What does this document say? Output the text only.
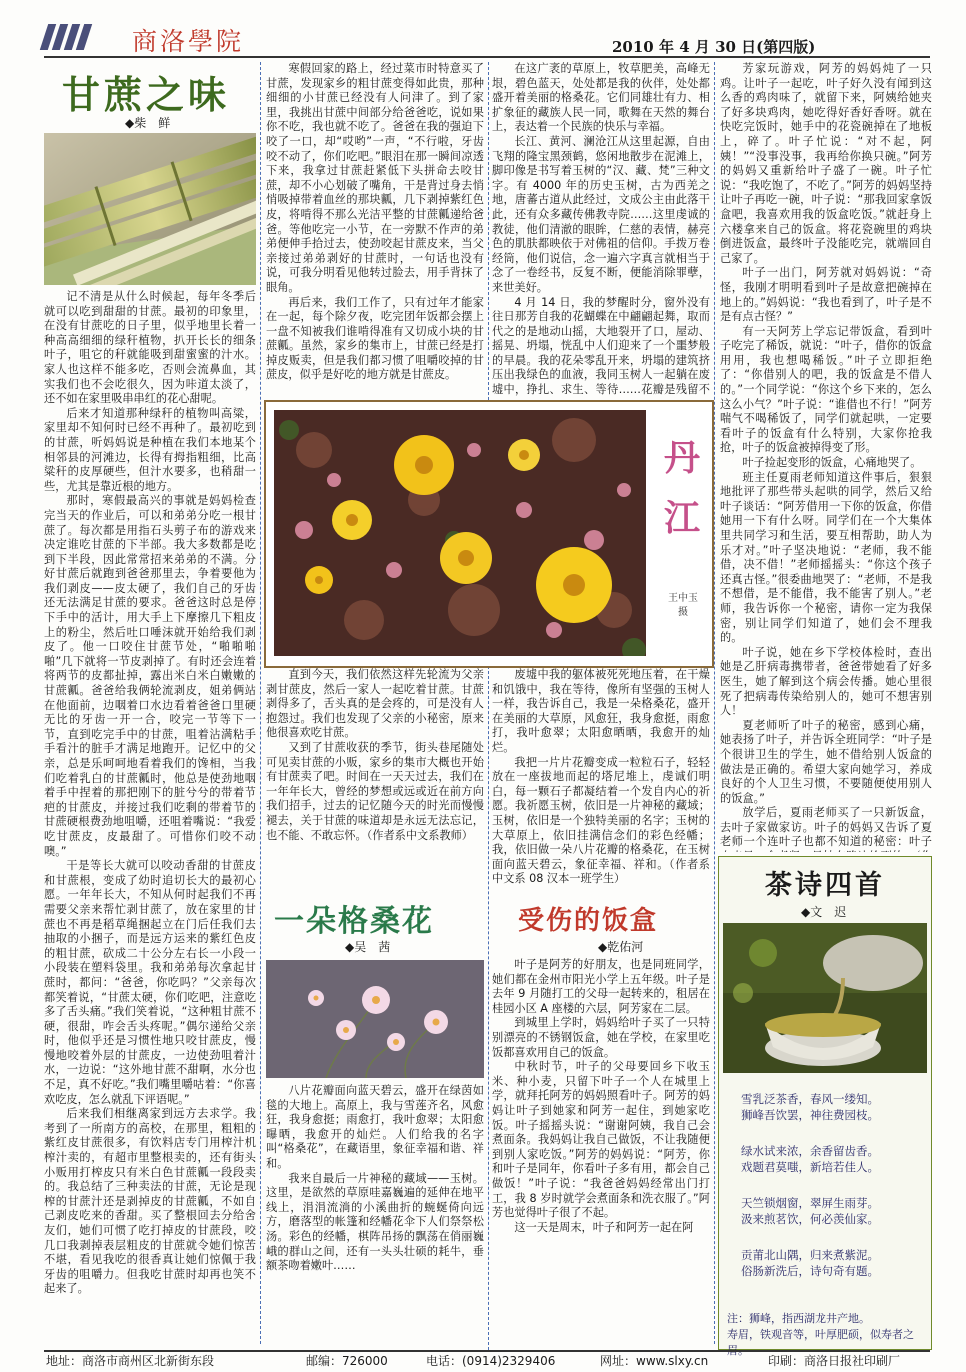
商洛學院	2010 年 4 月 30 日(第四版)
甘蔗之味
◆柴　鲜

记不清是从什么时候起，每年冬季后就可以吃到甜甜的甘蔗。最初的印象里，在没有甘蔗吃的日子里，似乎地里长着一种高高细细的绿秆植物，扒开长长的细条叶子，咀它的秆就能吸到甜蜜蜜的汁水。家人也这样不能多吃，否则会流鼻血，其实我们也不会吃很久，因为咔道太淡了，还不如在家里吸串串红的花心甜呢。

后来才知道那种绿秆的植物叫高粱，家里却不知何时已经不再种了。最初吃到的甘蔗，听妈妈说是种植在我们本地某个相邻县的河滩边，长得有拇指粗细，比高粱秆的皮厚硬些，但汁水要多，也稍甜一些，尤其是靠近根的地方。

那时，寒假最高兴的事就是妈妈检查完当天的作业后，可以和弟弟分吃一根甘蔗了。每次都是用指石头剪子布的游戏来决定谁吃甘蔗的下半部。我大多数都是吃到下半段，因此常常招来弟弟的不满。分好甘蔗后就跑到爸爸那里去，争着要他为我们剥皮——皮太硬了，我们自己的牙齿还无法满足甘蔗的要求。爸爸这时总是停下手中的活计，用大手上下摩擦几下粗皮上的粉尘，然后吐口唾沫就开始给我们剥皮了。他一口咬住甘蔗节处，“啪啪啪啪”几下就将一节皮剥掉了。有时还会连着将两节的皮都扯掉，露出米白米白嫩嫩的甘蔗瓤。爸爸给我俩轮流剥皮，姐弟俩站在他面前，边咽着口水边看着爸爸口里硬无比的牙齿一开一合，咬完一节等下一节，直到吃完手中的甘蔗，咀着沾满粘手手看汁的脏手才满足地跑开。记忆中的父亲，总是乐呵呵地看着我们的馋相，当我们吃着乳白的甘蔗瓤时，他总是使劲地咽着手中捏着的那把刚下的脏兮兮的带着节疤的甘蔗皮，并接过我们吃剩的带着节的甘蔗硬根费劲地咀嚼，还咀着嘴说：“我爱吃甘蔗皮，皮最甜了。可惜你们咬不动噢。”

干是等长大就可以咬动香甜的甘蔗皮和甘蔗根，变成了幼时追切长大的最初心愿。一年年长大，不知从何时起我们不再需要父亲来帮忙剥甘蔗了，放在家里的甘蔗也不再是稻草绳捆起立在门后任我们去抽取的小捆子，而是远方运来的紫红色皮的粗甘蔗，砍成二十公分左右长一小段一小段装在塑料袋里。我和弟弟每次拿起甘蔗时，都问：“爸爸，你吃吗？”父亲每次都笑着说，“甘蔗太硬，你们吃吧，注意吃多了舌头痛。”我们笑着说，“这种粗甘蔗不硬，很甜，咋会舌头疼呢。”偶尔递给父亲时，他似乎还是习惯性地只咬甘蔗皮，慢慢地咬着外层的甘蔗皮，一边使劲咀着汁水，一边说：“这外地甘蔗不甜啊，水分也不足，真不好吃。”我们嘴里嚼咕着：“你喜欢吃皮，怎么就乱下评语呢。”

后来我们相继离家到远方去求学。我考到了一所南方的高校，在那里，粗粗的紫红皮甘蔗很多，有饮料店专门用榨汁机榨汁卖的，有超市里整根卖的，还有街头小贩用打榨皮只有米白色甘蔗瓤一段段卖的。我总结了三种卖法的甘蔗，无论是现榨的甘蔗汁还是剥掉皮的甘蔗瓤，不如自己剥皮吃来的香甜。买了整根回去分给舍友们，她们可惯了吃打掉皮的甘蔗段，咬几口我剥掉表层粗皮的甘蔗就令她们惊苦不堪，看见我吃的很香真让她们惊佩于我牙齿的咀嚼力。但我吃甘蔗时却再也笑不起来了。

寒假回家的路上，经过菜市时特意买了甘蔗，发现家乡的粗甘蔗变得如此贵，那种细细的小甘蔗已经没有人问津了。到了家里，我挑出甘蔗中间部分给爸爸吃，说如果你不吃，我也就不吃了。爸爸在我的强迫下咬了一口，却“哎哟”一声，“不行啦，牙齿咬不动了，你们吃吧。”眼泪在那一瞬间凉透下来，我拿过甘蔗赶紧低下头拼命去咬甘蔗，却不小心划破了嘴角，干是背过身去悄悄吸掉带着血丝的那块瓤，几下剥掉紫红色皮，将啃得不那么光洁平整的甘蔗瓤递给爸爸。等他吃完一小节，在一旁默不作声的弟弟便伸手拾过去，使劲咬起甘蔗皮来，当父亲接过弟弟剥好的甘蔗时，一句话也没有说，可我分明看见他转过脸去，用手背抹了眼角。

再后来，我们工作了，只有过年才能家在一起，每个除夕夜，吃完团年饭都会摆上一盘不知被我们谁啃得准有又切成小块的甘蔗瓤。虽然，家乡的集市上，甘蔗已经是打掉皮贩卖，但是我们都习惯了咀嚼咬掉的甘蔗皮，似乎是好吃的地方就是甘蔗皮。

直到今天，我们依然这样先轮流为父亲剥甘蔗皮，然后一家人一起吃着甘蔗。甘蔗剥得多了，舌头真的是会疼的，可是没有人抱怨过。我们也发现了父亲的小秘密，原来他很喜欢吃甘蔗。

又到了甘蔗收获的季节，街头巷尾随处可见卖甘蔗的小贩，家乡的集市大概也开始有甘蔗卖了吧。时间在一天天过去，我们在一年年长大，曾经的梦想或远或近在前方向我们招手，过去的记忆随今天的时光而慢慢褪去，关于甘蔗的味道却是永远无法忘记，也不能、不敢忘怀。（作者系中文系教师）

丹江
王中玉 摄
一朵格桑花
◆吴　茜

八片花瓣面向蓝天碧云，盛开在绿茵如毯的大地上。高原上，我与雪莲齐名，风愈狂，我身愈挺；雨愈打，我叶愈翠；太阳愈曝晒，我愈开的灿烂。人们给我的名字叫“格桑花”，在藏语里，象征幸福和谐、祥和。

我来自最后一片神秘的藏域——玉树。这里，是欲然的草原哇嘉巍遍的延伸在地平线上，涓涓流淌的小溪曲折的蜿蜒倚向远方，磨落型的帐篷和经幡花伞下人们祭祭松汤。彩色的经幡，棋阵吊扬的飘荡在俏丽巍峨的群山之间，还有一头头壮硕的耗牛，垂额茶吻着嫩叶……

在这广袤的草原上，牧草肥美，高峰无垠，碧色蓝天，处处都是我的伙伴，处处都盛开着美丽的格桑花。它们同雄壮有力、相扩象征的藏族人民一同，歌舞在天然的舞台上，表达着一个民族的快乐与幸福。

长江、黄河、澜沧江从这里起源，自由飞翔的隆宝黑颈鹤，悠闲地散步在泥滩上，脚印像是书写着玉树的“汉、藏、梵”三种文字。有 4000 年的历史玉树，古为西羌之地，唐蕃古道从此经过，文成公主由此落干此，还有众多藏传佛教寺院……这里虔诚的教徒，他们清澈的眼眸，仁慈的表情，赫亮色的肌肤都映依于对佛祖的信仰。手拨万卷经筒，他们说信，念一遍六字真言就相当于念了一卷经书，反复不断，便能消除罪孽，来世美好。

4 月 14 日，我的梦醒时分，窗外没有往日那芳自我的花蝴蝶在中翩翩起舞，取而代之的是地动山摇，大地裂开了口，屋动、摇晃、坍塌，恍乱中人们迎来了一个噩梦般的早晨。我的花朵零乱开来，坍塌的建筑挤压出我绿色的血液，我同玉树人一起躺在废墟中，挣扎、求生、等待……花瓣是残留不

废墟中我的躯体被死死地压着，在干燥和饥饿中，我在等待，像所有坚强的玉树人一样，我告诉自己，我是一朵格桑花，盛开在美丽的大草原，风愈狂，我身愈挺，雨愈打，我叶愈翠；太阳愈晒晒，我愈开的灿烂。

我把一片片花瓣变成一粒粒石子，轻轻放在一座拔地而起的塔尼堆上，虔诚们明白，每一颗石子都凝结着一个发自内心的祈愿。我祈愿玉树，依旧是一片神秘的藏域；玉树，依旧是一个独特美丽的名字；玉树的大草原上，依旧挂满信念们的彩色经幡；我，依旧做一朵八片花瓣的格桑花，在玉树面向蓝天碧云，象征幸福、祥和。（作者系中文系 08 汉本一班学生）

受伤的饭盒
◆乾佑河

叶子是阿芳的好朋友，也是同班同学，她们都在金州市阳光小学上五年级。叶子是去年 9 月随打工的父母一起转来的，租居在桂园小区 A 座楼的六层，阿芳家在二层。

到城里上学时，妈妈给叶子买了一只特别漂亮的不锈钢饭盒，她在学校，在家里吃饭都喜欢用自己的饭盒。

中秋时节，叶子的父母要回乡下收玉米、种小麦，只留下叶子一个人在城里上学，就拜托阿芳的妈妈照看叶子。阿芳的妈妈让叶子到她家和阿芳一起住，到她家吃饭。叶子摇摇头说：“谢谢阿姨，我自己会煮面条。我妈妈让我自己做饭，不让我随便到别人家吃饭。”阿芳的妈妈说：“阿芳，你和叶子是同年，你看叶子多有用，都会自己做饭！”叶子说：“我爸爸妈妈经常出门打工，我 8 岁时就学会煮面条和洗衣服了。”阿芳也觉得叶子很了不起。

这一天是周末，叶子和阿芳一起在阿

芳家玩游戏，阿芳的妈妈炖了一只鸡。让叶子一起吃，叶子好久没有闻到这么香的鸡肉味了，就留下来，阿姨给她夹了好多块鸡肉，她吃得好香好香呀。就在快吃完饭时，她手中的花瓷碗掉在了地板上，碎了。叶子忙说：“对不起，阿姨！”“没事没事，我再给你换只碗。”阿芳的妈妈又重新给叶子盛了一碗。叶子忙说：“我吃饱了，不吃了。”阿芳的妈妈坚持让叶子再吃一碗，叶子说：“那我回家拿饭盒吧，我喜欢用我的饭盒吃饭。”就赶身上六楼拿来自己的饭盒。将花瓷碗里的鸡块倒进饭盒，最终叶子没能吃完，就端回自己家了。

叶子一出门，阿芳就对妈妈说：“奇怪，我刚才明明看到叶子是故意把碗掉在地上的。”妈妈说：“我也看到了，叶子是不是有点古怪？”

有一天阿芳上学忘记带饭盒，看到叶子吃完了稀饭，就说：“叶子，借你的饭盒用用，我也想喝稀饭。”叶子立即拒绝了：“你借别人的吧，我的饭盒是不借人的。”一个同学说：“你这个乡下来的，怎么这么小气？”叶子说：“谁借也不行！”阿芳喘气不喝稀饭了，同学们就起哄，一定要看叶子的饭盒有什么特别，大家你抢我抢，叶子的饭盒被掉得变了形。

叶子捡起变形的饭盒，心痛地哭了。

班主任夏雨老师知道这件事后，狠狠地批评了那些带头起哄的同学，然后又给叶子谈话：“阿芳借用一下你的饭盒，你借她用一下有什么呀。同学们在一个大集体里共同学习和生活，要互相帮助，助人为乐才对。”叶子坚决地说：“老师，我不能借，决不借！”老师摇摇头：“你这个孩子还真古怪。”很委曲地哭了：“老师，不是我不想借，是不能借，我不能害了别人。”老师，我告诉你一个秘密，请你一定为我保密，别让同学们知道了，她们会不理我的。

叶子说，她在乡下学校体检时，查出她是乙肝病毒携带者，爸爸带她看了好多医生，她了解到这个病会传播。她心里很死了把病毒传染给别人的，她可不想害别人！

夏老师听了叶子的秘密，感到心痛，她表扬了叶子，并告诉全班同学：“叶子是个很讲卫生的学生，她不借给别人饭盒的做法是正确的。希望大家向她学习，养成良好的个人卫生习惯，不要随便使用别人的饭盒。”

放学后，夏雨老师买了一只新饭盒，去叶子家做家访。叶子的妈妈又告诉了夏老师一个连叶子也都不知道的秘密：叶子

茶诗四首
◆文　迟
雪乳泛茶香，春风一缕知。
狮峰吾饮罢，神往费园枝。
绿水试来浓，余香留齿香。
戏题君莫嗤，新培若佳人。
天竺锁烟窗，翠屏生雨芽。
汲来煎茗饮，何必羡仙家。
贡莆北山隅，归来煮紫泥。
俗肠新洗后，诗句奇有题。
注：狮峰，指西湖龙井产地。
寿眉，铁观音等，叶厚肥硕，似寿者之眉。
地址：商洛市商州区北新街东段	邮编：726000	电话：(0914)2329406	网址：www.slxy.cn	印刷：商洛日报社印刷厂
